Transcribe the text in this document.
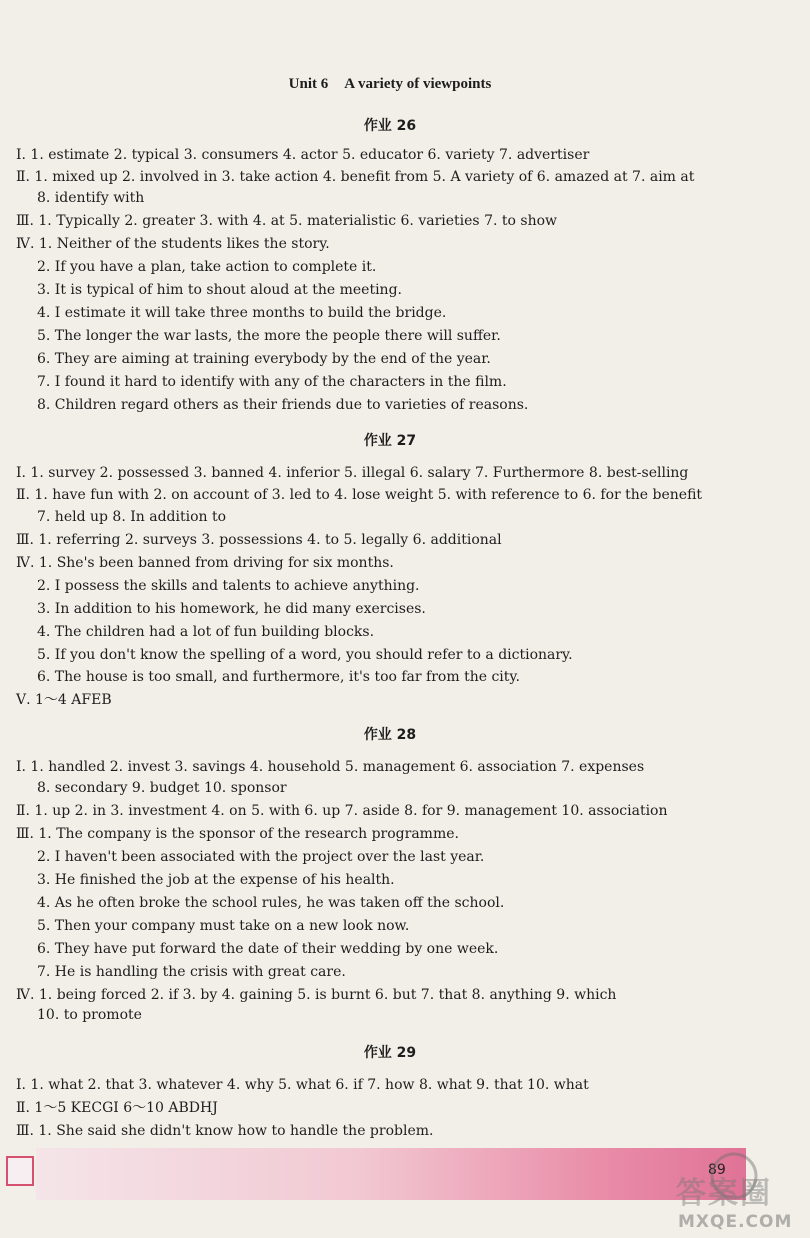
Unit 6 A variety of viewpoints
作业 26
Ⅰ. 1. estimate 2. typical 3. consumers 4. actor 5. educator 6. variety 7. advertiser
Ⅱ. 1. mixed up 2. involved in 3. take action 4. benefit from 5. A variety of 6. amazed at 7. aim at
8. identify with
Ⅲ. 1. Typically 2. greater 3. with 4. at 5. materialistic 6. varieties 7. to show
Ⅳ. 1. Neither of the students likes the story.
2. If you have a plan, take action to complete it.
3. It is typical of him to shout aloud at the meeting.
4. I estimate it will take three months to build the bridge.
5. The longer the war lasts, the more the people there will suffer.
6. They are aiming at training everybody by the end of the year.
7. I found it hard to identify with any of the characters in the film.
8. Children regard others as their friends due to varieties of reasons.
作业 27
Ⅰ. 1. survey 2. possessed 3. banned 4. inferior 5. illegal 6. salary 7. Furthermore 8. best-selling
Ⅱ. 1. have fun with 2. on account of 3. led to 4. lose weight 5. with reference to 6. for the benefit
7. held up 8. In addition to
Ⅲ. 1. referring 2. surveys 3. possessions 4. to 5. legally 6. additional
Ⅳ. 1. She's been banned from driving for six months.
2. I possess the skills and talents to achieve anything.
3. In addition to his homework, he did many exercises.
4. The children had a lot of fun building blocks.
5. If you don't know the spelling of a word, you should refer to a dictionary.
6. The house is too small, and furthermore, it's too far from the city.
Ⅴ. 1～4 AFEB
作业 28
Ⅰ. 1. handled 2. invest 3. savings 4. household 5. management 6. association 7. expenses
8. secondary 9. budget 10. sponsor
Ⅱ. 1. up 2. in 3. investment 4. on 5. with 6. up 7. aside 8. for 9. management 10. association
Ⅲ. 1. The company is the sponsor of the research programme.
2. I haven't been associated with the project over the last year.
3. He finished the job at the expense of his health.
4. As he often broke the school rules, he was taken off the school.
5. Then your company must take on a new look now.
6. They have put forward the date of their wedding by one week.
7. He is handling the crisis with great care.
Ⅳ. 1. being forced 2. if 3. by 4. gaining 5. is burnt 6. but 7. that 8. anything 9. which
10. to promote
作业 29
Ⅰ. 1. what 2. that 3. whatever 4. why 5. what 6. if 7. how 8. what 9. that 10. what
Ⅱ. 1～5 KECGI 6～10 ABDHJ
Ⅲ. 1. She said she didn't know how to handle the problem.
89
答案圈
MXQE.COM
